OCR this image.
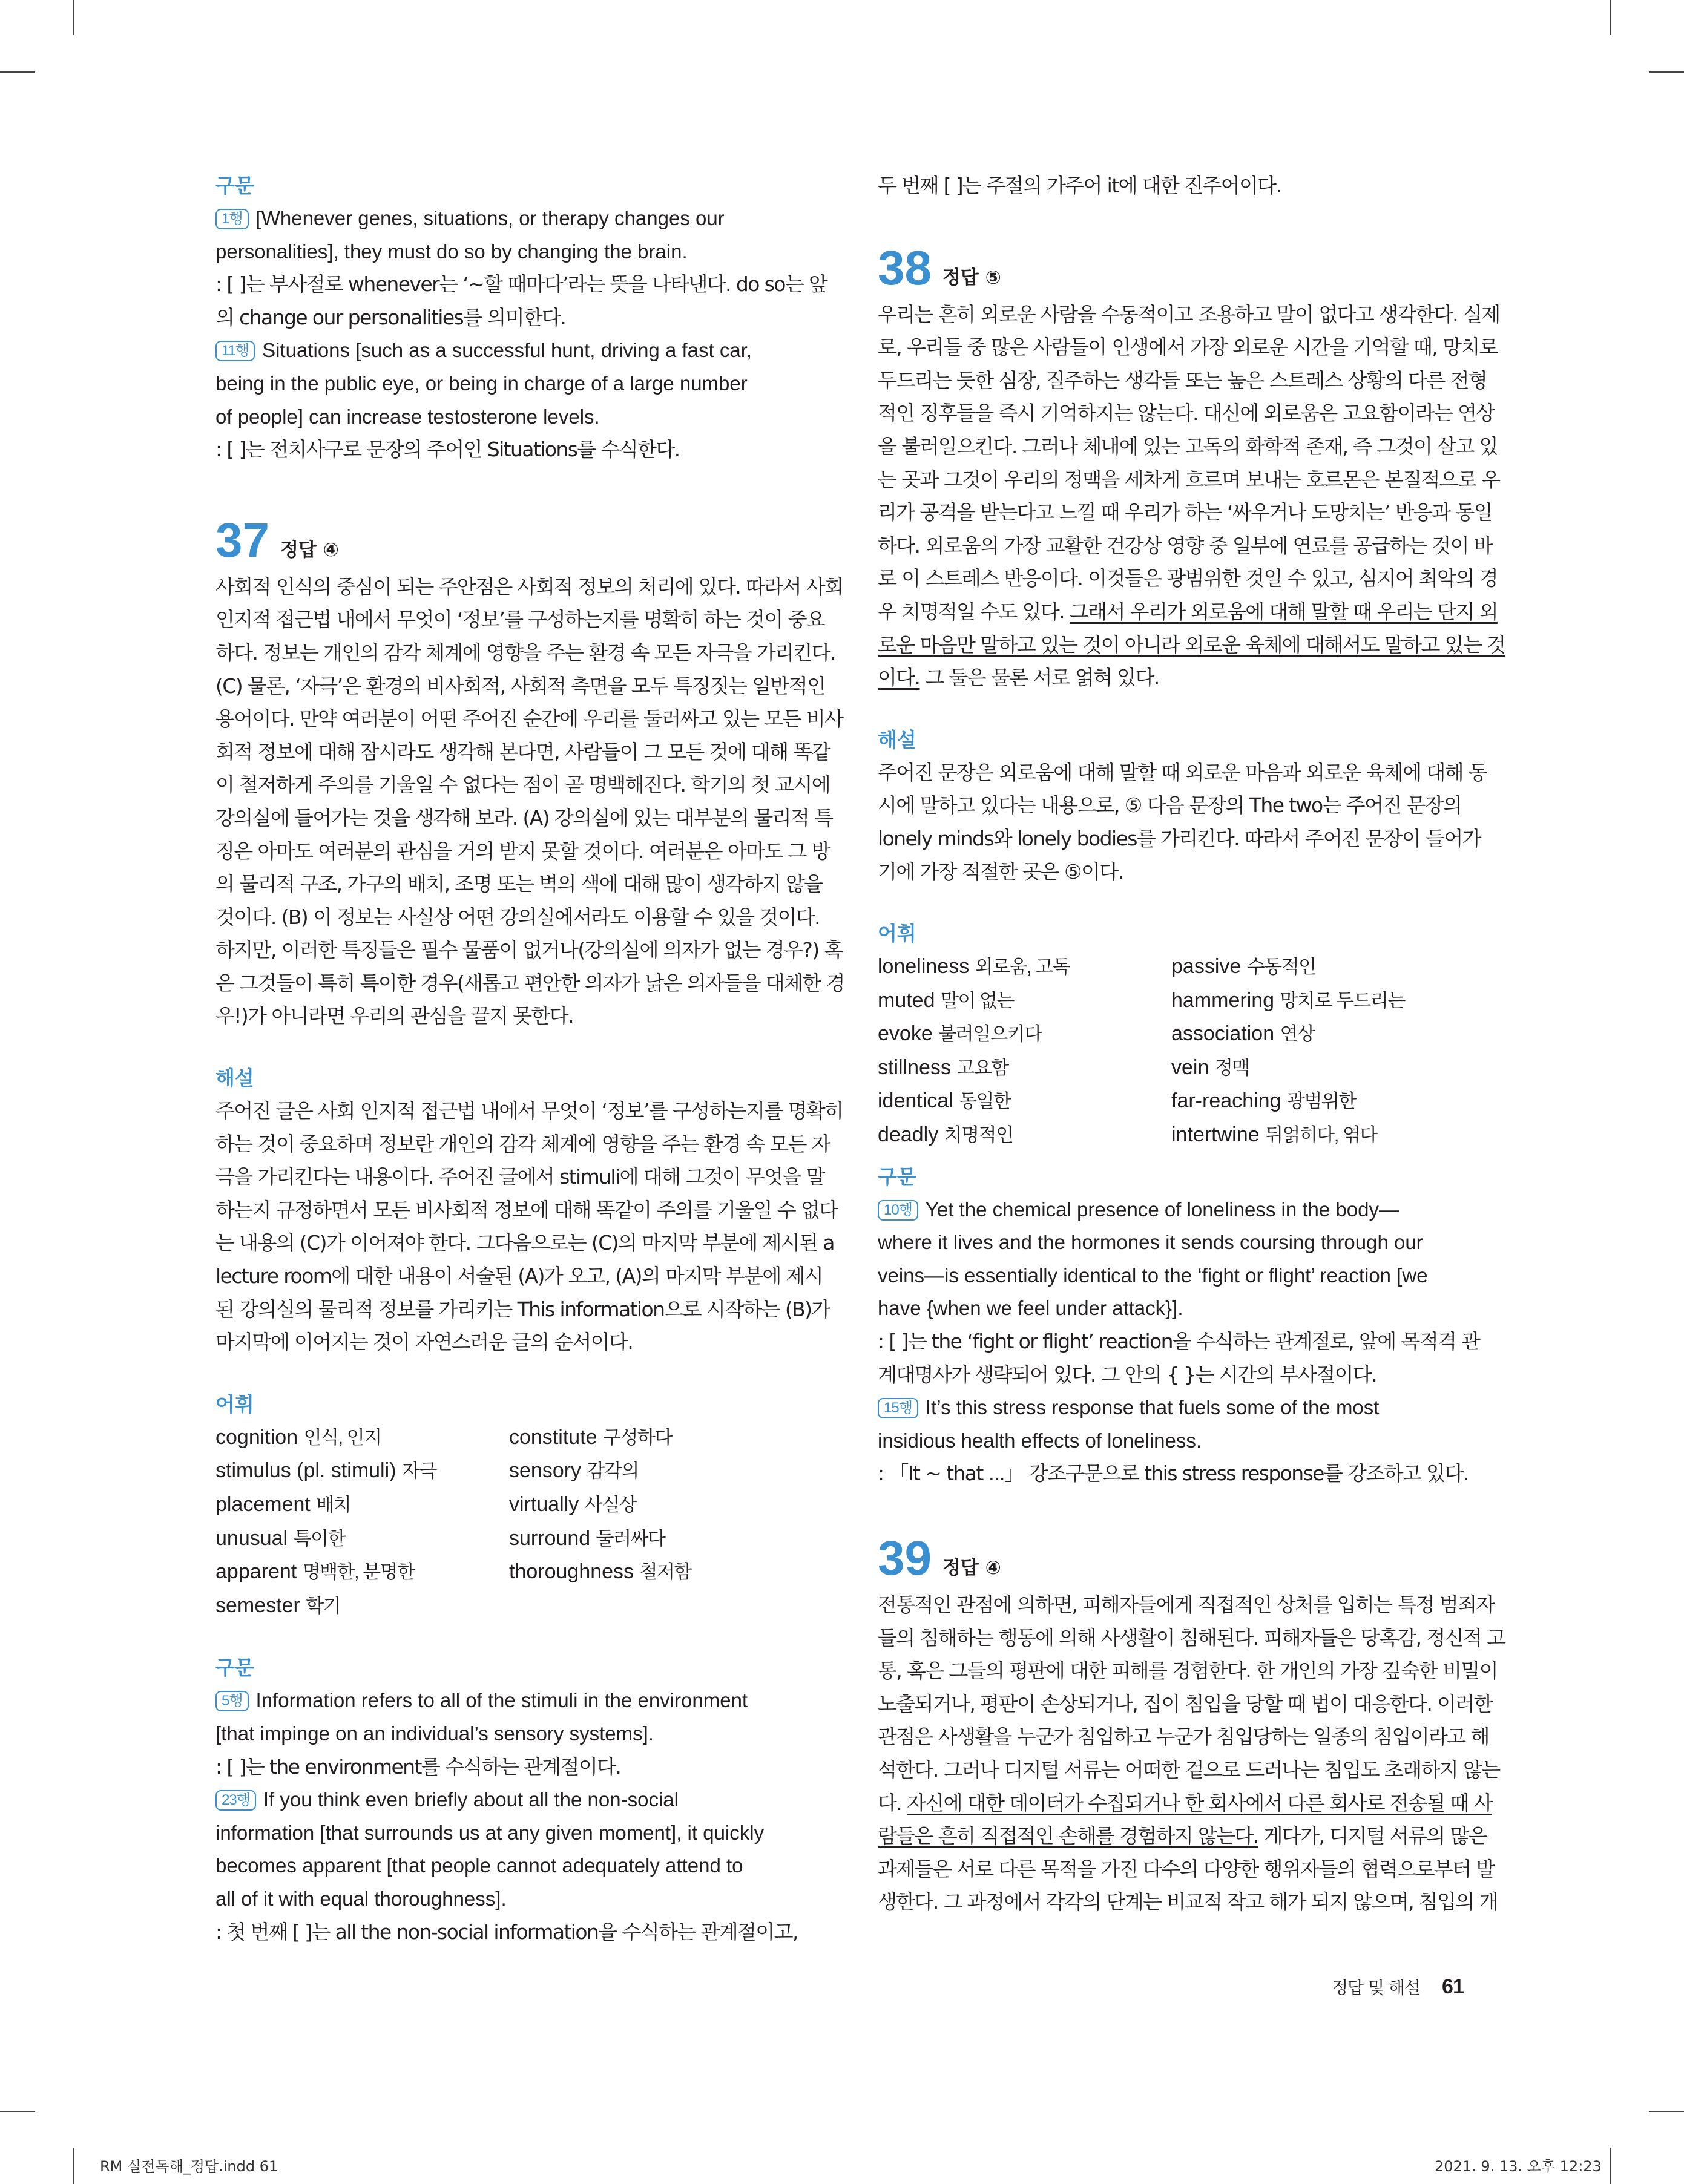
구문

1행 [Whenever genes, situations, or therapy changes our

personalities], they must do so by changing the brain.

: [ ]는 부사절로 whenever는 ‘~할 때마다’라는 뜻을 나타낸다. do so는 앞

의 change our personalities를 의미한다.

11행 Situations [such as a successful hunt, driving a fast car,

being in the public eye, or being in charge of a large number

of people] can increase testosterone levels.

: [ ]는 전치사구로 문장의 주어인 Situations를 수식한다.

37 정답 ④

사회적 인식의 중심이 되는 주안점은 사회적 정보의 처리에 있다. 따라서 사회

인지적 접근법 내에서 무엇이 ‘정보’를 구성하는지를 명확히 하는 것이 중요

하다. 정보는 개인의 감각 체계에 영향을 주는 환경 속 모든 자극을 가리킨다.

(C) 물론, ‘자극’은 환경의 비사회적, 사회적 측면을 모두 특징짓는 일반적인

용어이다. 만약 여러분이 어떤 주어진 순간에 우리를 둘러싸고 있는 모든 비사

회적 정보에 대해 잠시라도 생각해 본다면, 사람들이 그 모든 것에 대해 똑같

이 철저하게 주의를 기울일 수 없다는 점이 곧 명백해진다. 학기의 첫 교시에

강의실에 들어가는 것을 생각해 보라. (A) 강의실에 있는 대부분의 물리적 특

징은 아마도 여러분의 관심을 거의 받지 못할 것이다. 여러분은 아마도 그 방

의 물리적 구조, 가구의 배치, 조명 또는 벽의 색에 대해 많이 생각하지 않을

것이다. (B) 이 정보는 사실상 어떤 강의실에서라도 이용할 수 있을 것이다.

하지만, 이러한 특징들은 필수 물품이 없거나(강의실에 의자가 없는 경우?) 혹

은 그것들이 특히 특이한 경우(새롭고 편안한 의자가 낡은 의자들을 대체한 경

우!)가 아니라면 우리의 관심을 끌지 못한다.

해설

주어진 글은 사회 인지적 접근법 내에서 무엇이 ‘정보’를 구성하는지를 명확히

하는 것이 중요하며 정보란 개인의 감각 체계에 영향을 주는 환경 속 모든 자

극을 가리킨다는 내용이다. 주어진 글에서 stimuli에 대해 그것이 무엇을 말

하는지 규정하면서 모든 비사회적 정보에 대해 똑같이 주의를 기울일 수 없다

는 내용의 (C)가 이어져야 한다. 그다음으로는 (C)의 마지막 부분에 제시된 a

lecture room에 대한 내용이 서술된 (A)가 오고, (A)의 마지막 부분에 제시

된 강의실의 물리적 정보를 가리키는 This information으로 시작하는 (B)가

마지막에 이어지는 것이 자연스러운 글의 순서이다.

어휘

cognition 인식, 인지	constitute 구성하다
stimulus (pl. stimuli) 자극	sensory 감각의
placement 배치	virtually 사실상
unusual 특이한	surround 둘러싸다
apparent 명백한, 분명한	thoroughness 철저함
semester 학기

구문

5행 Information refers to all of the stimuli in the environment

[that impinge on an individual’s sensory systems].

: [ ]는 the environment를 수식하는 관계절이다.

23행 If you think even briefly about all the non-social

information [that surrounds us at any given moment], it quickly

becomes apparent [that people cannot adequately attend to

all of it with equal thoroughness].

: 첫 번째 [ ]는 all the non-social information을 수식하는 관계절이고,

두 번째 [ ]는 주절의 가주어 it에 대한 진주어이다.

38 정답 ⑤

우리는 흔히 외로운 사람을 수동적이고 조용하고 말이 없다고 생각한다. 실제

로, 우리들 중 많은 사람들이 인생에서 가장 외로운 시간을 기억할 때, 망치로

두드리는 듯한 심장, 질주하는 생각들 또는 높은 스트레스 상황의 다른 전형

적인 징후들을 즉시 기억하지는 않는다. 대신에 외로움은 고요함이라는 연상

을 불러일으킨다. 그러나 체내에 있는 고독의 화학적 존재, 즉 그것이 살고 있

는 곳과 그것이 우리의 정맥을 세차게 흐르며 보내는 호르몬은 본질적으로 우

리가 공격을 받는다고 느낄 때 우리가 하는 ‘싸우거나 도망치는’ 반응과 동일

하다. 외로움의 가장 교활한 건강상 영향 중 일부에 연료를 공급하는 것이 바

로 이 스트레스 반응이다. 이것들은 광범위한 것일 수 있고, 심지어 최악의 경

우 치명적일 수도 있다. 그래서 우리가 외로움에 대해 말할 때 우리는 단지 외

로운 마음만 말하고 있는 것이 아니라 외로운 육체에 대해서도 말하고 있는 것

이다. 그 둘은 물론 서로 얽혀 있다.

해설

주어진 문장은 외로움에 대해 말할 때 외로운 마음과 외로운 육체에 대해 동

시에 말하고 있다는 내용으로, ⑤ 다음 문장의 The two는 주어진 문장의

lonely minds와 lonely bodies를 가리킨다. 따라서 주어진 문장이 들어가

기에 가장 적절한 곳은 ⑤이다.

어휘

loneliness 외로움, 고독	passive 수동적인
muted 말이 없는	hammering 망치로 두드리는
evoke 불러일으키다	association 연상
stillness 고요함	vein 정맥
identical 동일한	far-reaching 광범위한
deadly 치명적인	intertwine 뒤얽히다, 엮다

구문

10행 Yet the chemical presence of loneliness in the body—

where it lives and the hormones it sends coursing through our

veins—is essentially identical to the ‘fight or flight’ reaction [we

have {when we feel under attack}].

: [ ]는 the ‘fight or flight’ reaction을 수식하는 관계절로, 앞에 목적격 관

계대명사가 생략되어 있다. 그 안의 { }는 시간의 부사절이다.

15행 It’s this stress response that fuels some of the most

insidious health effects of loneliness.

: 「It ~ that ...」 강조구문으로 this stress response를 강조하고 있다.

39 정답 ④

전통적인 관점에 의하면, 피해자들에게 직접적인 상처를 입히는 특정 범죄자

들의 침해하는 행동에 의해 사생활이 침해된다. 피해자들은 당혹감, 정신적 고

통, 혹은 그들의 평판에 대한 피해를 경험한다. 한 개인의 가장 깊숙한 비밀이

노출되거나, 평판이 손상되거나, 집이 침입을 당할 때 법이 대응한다. 이러한

관점은 사생활을 누군가 침입하고 누군가 침입당하는 일종의 침입이라고 해

석한다. 그러나 디지털 서류는 어떠한 겉으로 드러나는 침입도 초래하지 않는

다. 자신에 대한 데이터가 수집되거나 한 회사에서 다른 회사로 전송될 때 사

람들은 흔히 직접적인 손해를 경험하지 않는다. 게다가, 디지털 서류의 많은

과제들은 서로 다른 목적을 가진 다수의 다양한 행위자들의 협력으로부터 발

생한다. 그 과정에서 각각의 단계는 비교적 작고 해가 되지 않으며, 침입의 개

정답 및 해설 61
RM 실전독해_정답.indd 61	2021. 9. 13. 오후 12:23
